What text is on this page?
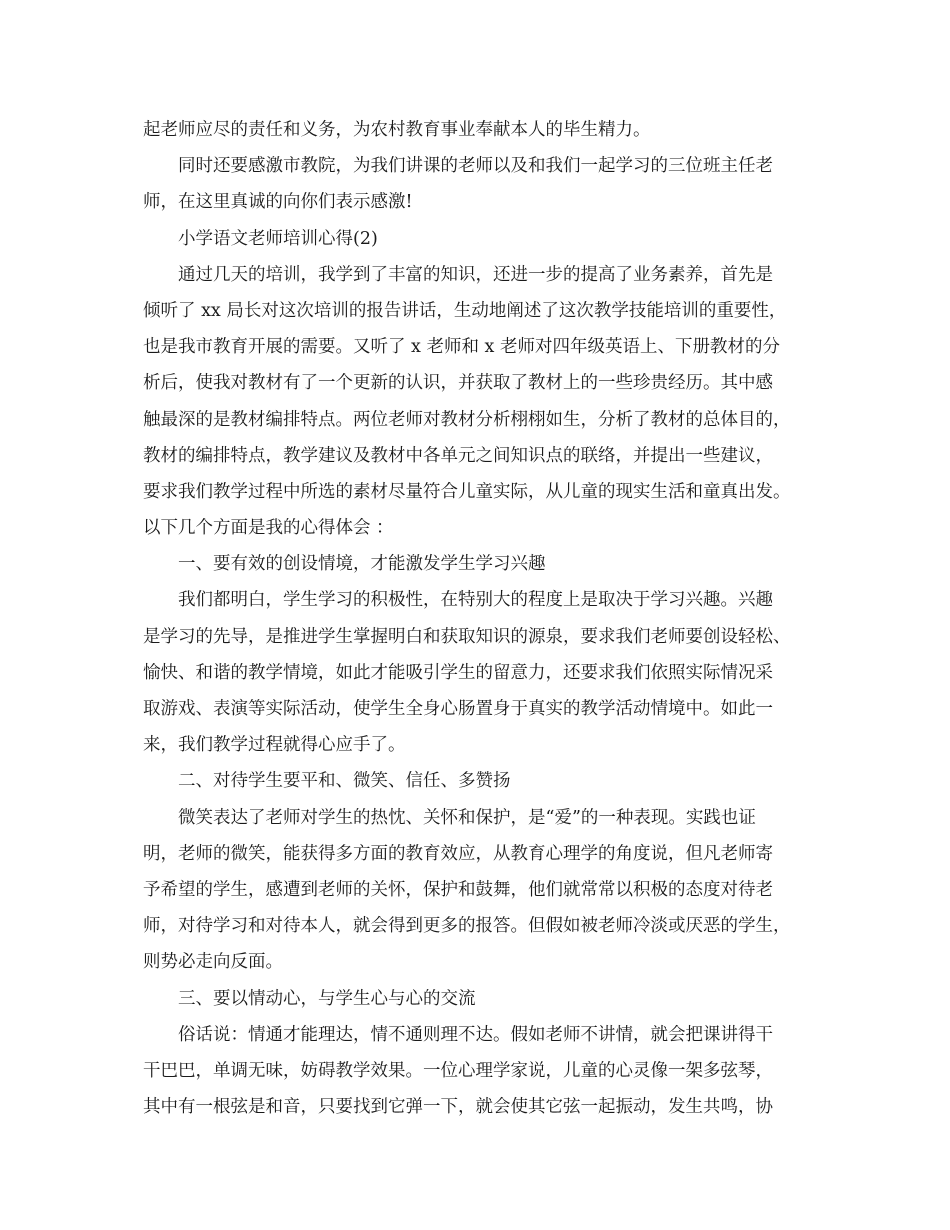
起老师应尽的责任和义务，为农村教育事业奉献本人的毕生精力。
同时还要感激市教院，为我们讲课的老师以及和我们一起学习的三位班主任老
师，在这里真诚的向你们表示感激!
小学语文老师培训心得(2)
通过几天的培训，我学到了丰富的知识，还进一步的提高了业务素养，首先是
倾听了 xx 局长对这次培训的报告讲话，生动地阐述了这次教学技能培训的重要性，
也是我市教育开展的需要。又听了 x 老师和 x 老师对四年级英语上、下册教材的分
析后，使我对教材有了一个更新的认识，并获取了教材上的一些珍贵经历。其中感
触最深的是教材编排特点。两位老师对教材分析栩栩如生，分析了教材的总体目的，
教材的编排特点，教学建议及教材中各单元之间知识点的联络，并提出一些建议，
要求我们教学过程中所选的素材尽量符合儿童实际，从儿童的现实生活和童真出发。
以下几个方面是我的心得体会 ：
一、要有效的创设情境，才能激发学生学习兴趣
我们都明白，学生学习的积极性，在特别大的程度上是取决于学习兴趣。兴趣
是学习的先导，是推进学生掌握明白和获取知识的源泉，要求我们老师要创设轻松、
愉快、和谐的教学情境，如此才能吸引学生的留意力，还要求我们依照实际情况采
取游戏、表演等实际活动，使学生全身心肠置身于真实的教学活动情境中。如此一
来，我们教学过程就得心应手了。
二、对待学生要平和、微笑、信任、多赞扬
微笑表达了老师对学生的热忱、关怀和保护，是“爱”的一种表现。实践也证
明，老师的微笑，能获得多方面的教育效应，从教育心理学的角度说，但凡老师寄
予希望的学生，感遭到老师的关怀，保护和鼓舞，他们就常常以积极的态度对待老
师，对待学习和对待本人，就会得到更多的报答。但假如被老师冷淡或厌恶的学生，
则势必走向反面。
三、要以情动心，与学生心与心的交流
俗话说：情通才能理达，情不通则理不达。假如老师不讲情，就会把课讲得干
干巴巴，单调无味，妨碍教学效果。一位心理学家说，儿童的心灵像一架多弦琴，
其中有一根弦是和音，只要找到它弹一下，就会使其它弦一起振动，发生共鸣，协
